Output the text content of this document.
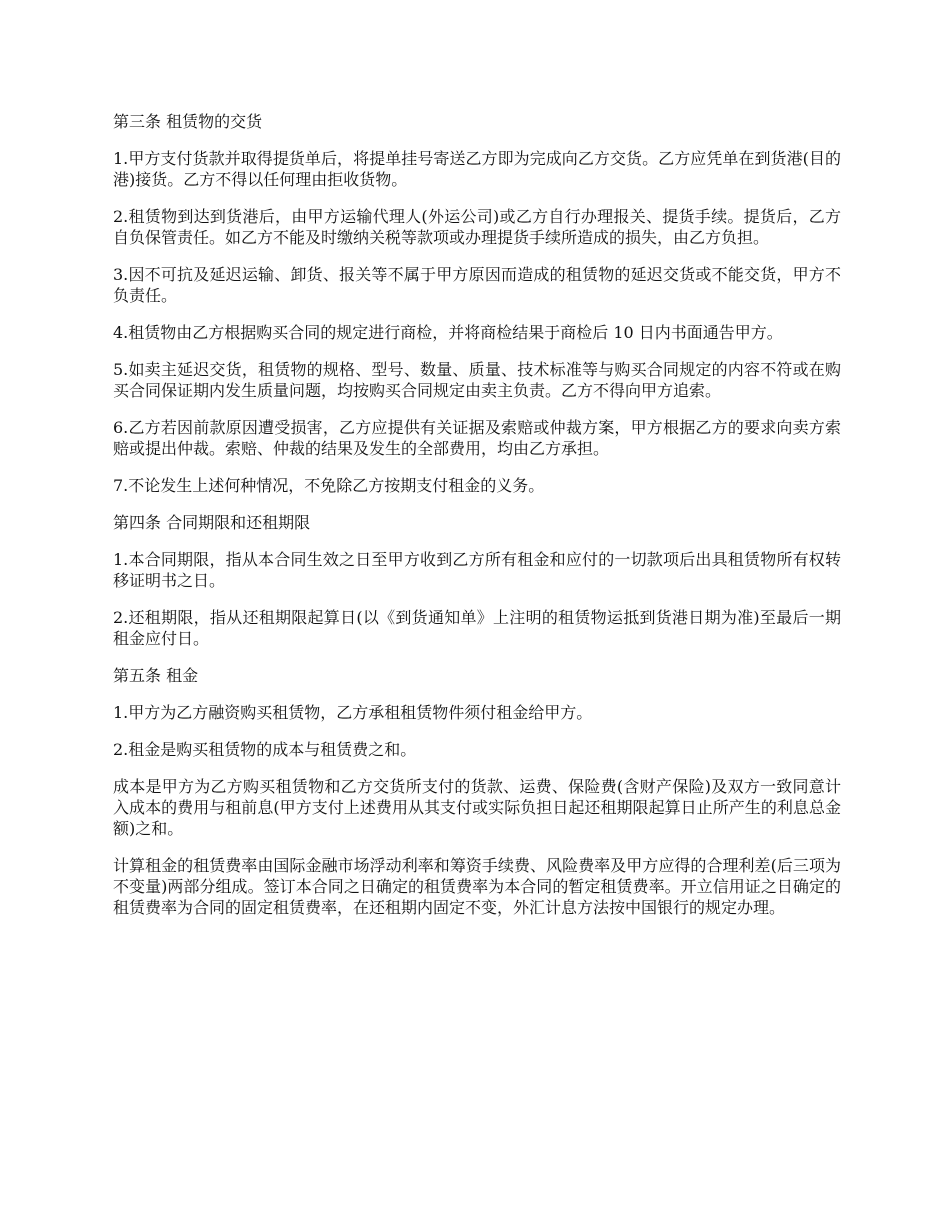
第三条 租赁物的交货

1.甲方支付货款并取得提货单后，将提单挂号寄送乙方即为完成向乙方交货。乙方应凭单在到货港(目的港)接货。乙方不得以任何理由拒收货物。

2.租赁物到达到货港后，由甲方运输代理人(外运公司)或乙方自行办理报关、提货手续。提货后，乙方自负保管责任。如乙方不能及时缴纳关税等款项或办理提货手续所造成的损失，由乙方负担。

3.因不可抗及延迟运输、卸货、报关等不属于甲方原因而造成的租赁物的延迟交货或不能交货，甲方不负责任。

4.租赁物由乙方根据购买合同的规定进行商检，并将商检结果于商检后 10 日内书面通告甲方。

5.如卖主延迟交货，租赁物的规格、型号、数量、质量、技术标准等与购买合同规定的内容不符或在购买合同保证期内发生质量问题，均按购买合同规定由卖主负责。乙方不得向甲方追索。

6.乙方若因前款原因遭受损害，乙方应提供有关证据及索赔或仲裁方案，甲方根据乙方的要求向卖方索赔或提出仲裁。索赔、仲裁的结果及发生的全部费用，均由乙方承担。

7.不论发生上述何种情况，不免除乙方按期支付租金的义务。

第四条 合同期限和还租期限

1.本合同期限，指从本合同生效之日至甲方收到乙方所有租金和应付的一切款项后出具租赁物所有权转移证明书之日。

2.还租期限，指从还租期限起算日(以《到货通知单》上注明的租赁物运抵到货港日期为准)至最后一期租金应付日。

第五条 租金

1.甲方为乙方融资购买租赁物，乙方承租租赁物件须付租金给甲方。

2.租金是购买租赁物的成本与租赁费之和。

成本是甲方为乙方购买租赁物和乙方交货所支付的货款、运费、保险费(含财产保险)及双方一致同意计入成本的费用与租前息(甲方支付上述费用从其支付或实际负担日起还租期限起算日止所产生的利息总金额)之和。

计算租金的租赁费率由国际金融市场浮动利率和筹资手续费、风险费率及甲方应得的合理利差(后三项为不变量)两部分组成。签订本合同之日确定的租赁费率为本合同的暂定租赁费率。开立信用证之日确定的租赁费率为合同的固定租赁费率，在还租期内固定不变，外汇计息方法按中国银行的规定办理。
